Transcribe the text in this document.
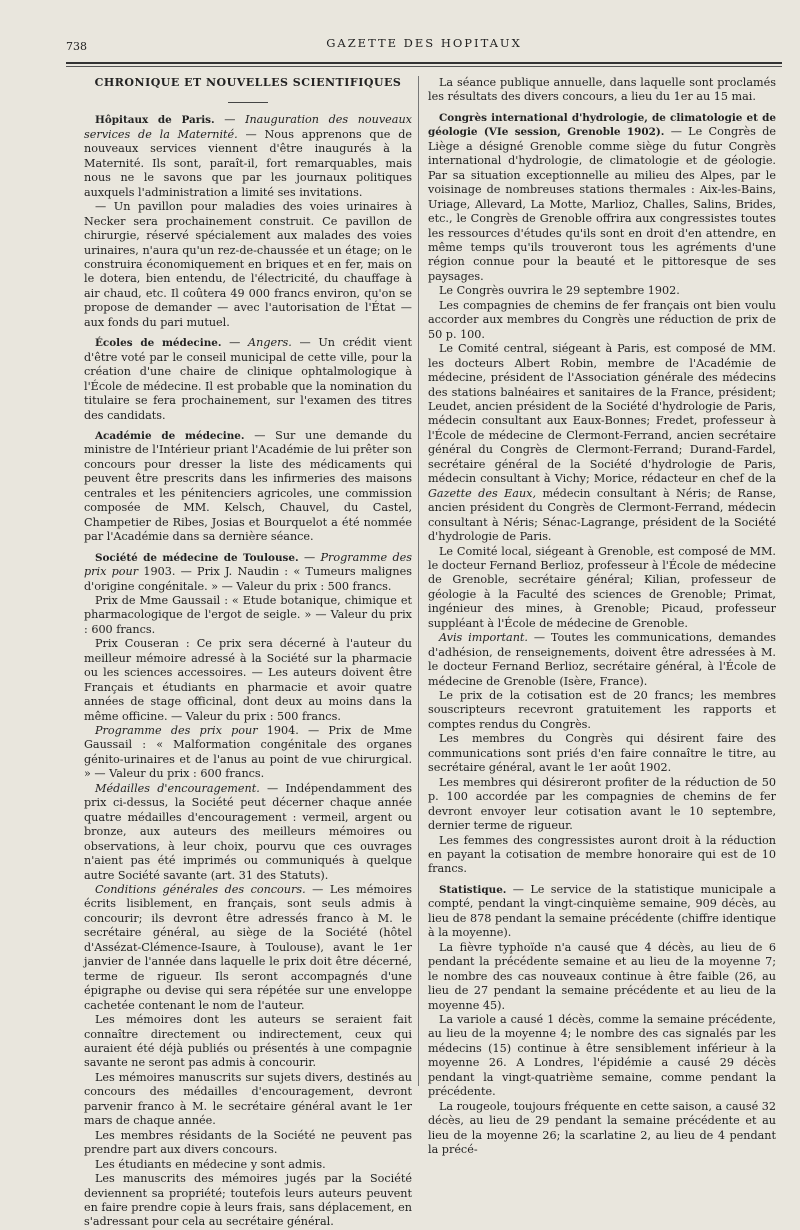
738	GAZETTE DES HOPITAUX
CHRONIQUE ET NOUVELLES SCIENTIFIQUES

Hôpitaux de Paris. — Inauguration des nouveaux services de la Maternité. — Nous apprenons que de nouveaux services viennent d'être inaugurés à la Maternité. Ils sont, paraît-il, fort remarquables, mais nous ne le savons que par les journaux politiques auxquels l'administration a limité ses invitations.

— Un pavillon pour maladies des voies urinaires à Necker sera prochainement construit. Ce pavillon de chirurgie, réservé spécialement aux malades des voies urinaires, n'aura qu'un rez-de-chaussée et un étage; on le construira économiquement en briques et en fer, mais on le dotera, bien entendu, de l'électricité, du chauffage à air chaud, etc. Il coûtera 49 000 francs environ, qu'on se propose de demander — avec l'autorisation de l'État — aux fonds du pari mutuel.

Écoles de médecine. — Angers. — Un crédit vient d'être voté par le conseil municipal de cette ville, pour la création d'une chaire de clinique ophtalmologique à l'École de médecine. Il est probable que la nomination du titulaire se fera prochainement, sur l'examen des titres des candidats.

Académie de médecine. — Sur une demande du ministre de l'Intérieur priant l'Académie de lui prêter son concours pour dresser la liste des médicaments qui peuvent être prescrits dans les infirmeries des maisons centrales et les pénitenciers agricoles, une commission composée de MM. Kelsch, Chauvel, du Castel, Champetier de Ribes, Josias et Bourquelot a été nommée par l'Académie dans sa dernière séance.

Société de médecine de Toulouse. — Programme des prix pour 1903. — Prix J. Naudin : « Tumeurs malignes d'origine congénitale. » — Valeur du prix : 500 francs.

Prix de Mme Gaussail : « Etude botanique, chimique et pharmacologique de l'ergot de seigle. » — Valeur du prix : 600 francs.

Prix Couseran : Ce prix sera décerné à l'auteur du meilleur mémoire adressé à la Société sur la pharmacie ou les sciences accessoires. — Les auteurs doivent être Français et étudiants en pharmacie et avoir quatre années de stage officinal, dont deux au moins dans la même officine. — Valeur du prix : 500 francs.

Programme des prix pour 1904. — Prix de Mme Gaussail : « Malformation congénitale des organes génito-urinaires et de l'anus au point de vue chirurgical. » — Valeur du prix : 600 francs.

Médailles d'encouragement. — Indépendamment des prix ci-dessus, la Société peut décerner chaque année quatre médailles d'encouragement : vermeil, argent ou bronze, aux auteurs des meilleurs mémoires ou observations, à leur choix, pourvu que ces ouvrages n'aient pas été imprimés ou communiqués à quelque autre Société savante (art. 31 des Statuts).

Conditions générales des concours. — Les mémoires écrits lisiblement, en français, sont seuls admis à concourir; ils devront être adressés franco à M. le secrétaire général, au siège de la Société (hôtel d'Assézat-Clémence-Isaure, à Toulouse), avant le 1er janvier de l'année dans laquelle le prix doit être décerné, terme de rigueur. Ils seront accompagnés d'une épigraphe ou devise qui sera répétée sur une enveloppe cachetée contenant le nom de l'auteur.

Les mémoires dont les auteurs se seraient fait connaître directement ou indirectement, ceux qui auraient été déjà publiés ou présentés à une compagnie savante ne seront pas admis à concourir.

Les mémoires manuscrits sur sujets divers, destinés au concours des médailles d'encouragement, devront parvenir franco à M. le secrétaire général avant le 1er mars de chaque année.

Les membres résidants de la Société ne peuvent pas prendre part aux divers concours.

Les étudiants en médecine y sont admis.

Les manuscrits des mémoires jugés par la Société deviennent sa propriété; toutefois leurs auteurs peuvent en faire prendre copie à leurs frais, sans déplacement, en s'adressant pour cela au secrétaire général.

La séance publique annuelle, dans laquelle sont proclamés les résultats des divers concours, a lieu du 1er au 15 mai.

Congrès international d'hydrologie, de climatologie et de géologie (VIe session, Grenoble 1902). — Le Congrès de Liège a désigné Grenoble comme siège du futur Congrès international d'hydrologie, de climatologie et de géologie. Par sa situation exceptionnelle au milieu des Alpes, par le voisinage de nombreuses stations thermales : Aix-les-Bains, Uriage, Allevard, La Motte, Marlioz, Challes, Salins, Brides, etc., le Congrès de Grenoble offrira aux congressistes toutes les ressources d'études qu'ils sont en droit d'en attendre, en même temps qu'ils trouveront tous les agréments d'une région connue pour la beauté et le pittoresque de ses paysages.

Le Congrès ouvrira le 29 septembre 1902.

Les compagnies de chemins de fer français ont bien voulu accorder aux membres du Congrès une réduction de prix de 50 p. 100.

Le Comité central, siégeant à Paris, est composé de MM. les docteurs Albert Robin, membre de l'Académie de médecine, président de l'Association générale des médecins des stations balnéaires et sanitaires de la France, président; Leudet, ancien président de la Société d'hydrologie de Paris, médecin consultant aux Eaux-Bonnes; Fredet, professeur à l'École de médecine de Clermont-Ferrand, ancien secrétaire général du Congrès de Clermont-Ferrand; Durand-Fardel, secrétaire général de la Société d'hydrologie de Paris, médecin consultant à Vichy; Morice, rédacteur en chef de la Gazette des Eaux, médecin consultant à Néris; de Ranse, ancien président du Congrès de Clermont-Ferrand, médecin consultant à Néris; Sénac-Lagrange, président de la Société d'hydrologie de Paris.

Le Comité local, siégeant à Grenoble, est composé de MM. le docteur Fernand Berlioz, professeur à l'École de médecine de Grenoble, secrétaire général; Kilian, professeur de géologie à la Faculté des sciences de Grenoble; Primat, ingénieur des mines, à Grenoble; Picaud, professeur suppléant à l'École de médecine de Grenoble.

Avis important. — Toutes les communications, demandes d'adhésion, de renseignements, doivent être adressées à M. le docteur Fernand Berlioz, secrétaire général, à l'École de médecine de Grenoble (Isère, France).

Le prix de la cotisation est de 20 francs; les membres souscripteurs recevront gratuitement les rapports et comptes rendus du Congrès.

Les membres du Congrès qui désirent faire des communications sont priés d'en faire connaître le titre, au secrétaire général, avant le 1er août 1902.

Les membres qui désireront profiter de la réduction de 50 p. 100 accordée par les compagnies de chemins de fer devront envoyer leur cotisation avant le 10 septembre, dernier terme de rigueur.

Les femmes des congressistes auront droit à la réduction en payant la cotisation de membre honoraire qui est de 10 francs.

Statistique. — Le service de la statistique municipale a compté, pendant la vingt-cinquième semaine, 909 décès, au lieu de 878 pendant la semaine précédente (chiffre identique à la moyenne).

La fièvre typhoïde n'a causé que 4 décès, au lieu de 6 pendant la précédente semaine et au lieu de la moyenne 7; le nombre des cas nouveaux continue à être faible (26, au lieu de 27 pendant la semaine précédente et au lieu de la moyenne 45).

La variole a causé 1 décès, comme la semaine précédente, au lieu de la moyenne 4; le nombre des cas signalés par les médecins (15) continue à être sensiblement inférieur à la moyenne 26. A Londres, l'épidémie a causé 29 décès pendant la vingt-quatrième semaine, comme pendant la précédente.

La rougeole, toujours fréquente en cette saison, a causé 32 décès, au lieu de 29 pendant la semaine précédente et au lieu de la moyenne 26; la scarlatine 2, au lieu de 4 pendant la précé-
